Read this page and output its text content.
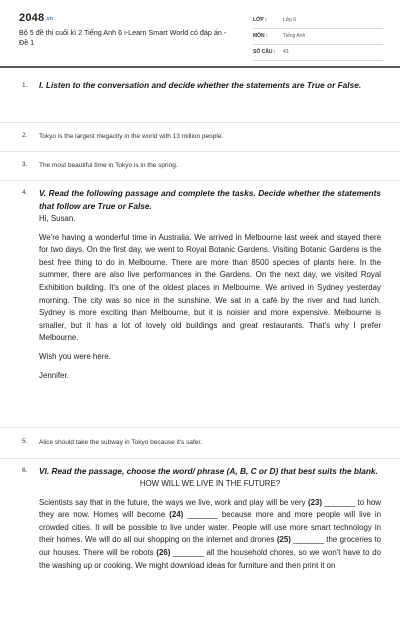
2048.vn
Bộ 5 đề thi cuối kì 2 Tiếng Anh 6 i-Learn Smart World có đáp án - Đề 1
LỚP :	Lớp 6
MÔN :	Tiếng Anh
SỐ CÂU : 43
1. I. Listen to the conversation and decide whether the statements are True or False.
2. Tokyo is the largest megacity in the world with 13 million people.
3. The most beautiful time in Tokyo is in the spring.
4. V. Read the following passage and complete the tasks. Decide whether the statements that follow are True or False.

Hi, Susan.

We're having a wonderful time in Australia. We arrived in Melbourne last week and stayed there for two days. On the first day, we went to Royal Botanic Gardens. Visiting Botanic Gardens is the best free thing to do in Melbourne. There are more than 8500 species of plants here. In the summer, there are also live performances in the Gardens. On the next day, we visited Royal Exhibition building. It's one of the oldest places in Melbourne. We arrived in Sydney yesterday morning. The city was so nice in the sunshine. We sat in a café by the river and had lunch. Sydney is more exciting than Melbourne, but it is noisier and more expensive. Melbourne is smaller, but it has a lot of lovely old buildings and great restaurants. That's why I prefer Melbourne.

Wish you were here.

Jennifer.

5. Alice should take the subway in Tokyo because it's safer.
6. VI. Read the passage, choose the word/ phrase (A, B, C or D) that best suits the blank.

HOW WILL WE LIVE IN THE FUTURE?

Scientists say that in the future, the ways we live, work and play will be very (23) _______ to how they are now. Homes will become (24) _______ because more and more people will live in crowded cities. It will be possible to live under water. People will use more smart technology in their homes. We will do all our shopping on the internet and drones (25) _______ the groceries to our houses. There will be robots (26) _______ all the household chores, so we won't have to do the washing up or cooking. We might download ideas for furniture and then print it on
